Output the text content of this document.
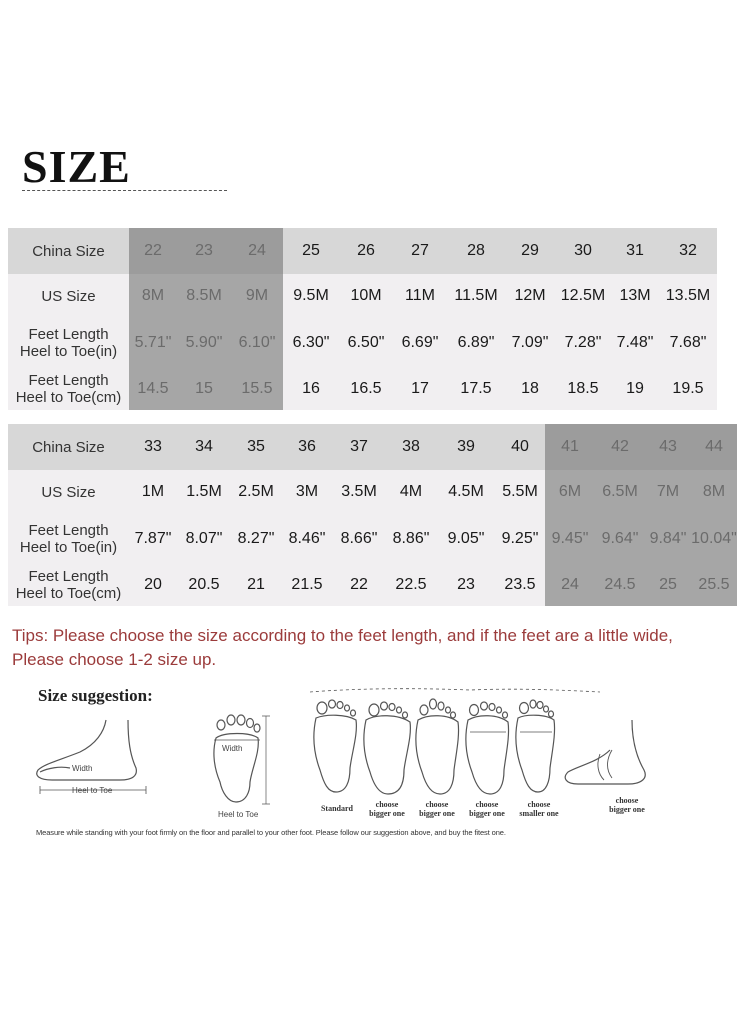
SIZE
China Size	22	23	24	25	26	27	28	29	30	31	32
US Size	8M	8.5M	9M	9.5M	10M	11M	11.5M	12M	12.5M	13M	13.5M
Feet Length
Heel to Toe(in)	5.71"	5.90"	6.10"	6.30"	6.50"	6.69"	6.89"	7.09"	7.28"	7.48"	7.68"
Feet Length
Heel to Toe(cm)	14.5	15	15.5	16	16.5	17	17.5	18	18.5	19	19.5
China Size	33	34	35	36	37	38	39	40	41	42	43	44
US Size	1M	1.5M	2.5M	3M	3.5M	4M	4.5M	5.5M	6M	6.5M	7M	8M
Feet Length
Heel to Toe(in)	7.87"	8.07"	8.27"	8.46"	8.66"	8.86"	9.05"	9.25"	9.45"	9.64"	9.84"	10.04"
Feet Length
Heel to Toe(cm)	20	20.5	21	21.5	22	22.5	23	23.5	24	24.5	25	25.5
Tips: Please choose the size according to the feet length, and if the feet are a little wide,
Please choose 1-2 size up.
Size suggestion:
Width
Heel to Toe
Width
Heel to Toe
Standard	choose
bigger one
choose
bigger one
choose
bigger one
choose
smaller one
choose
bigger one
Measure while standing with your foot firmly on the floor and parallel to your other foot. Please follow our suggestion above, and buy the fitest one.
